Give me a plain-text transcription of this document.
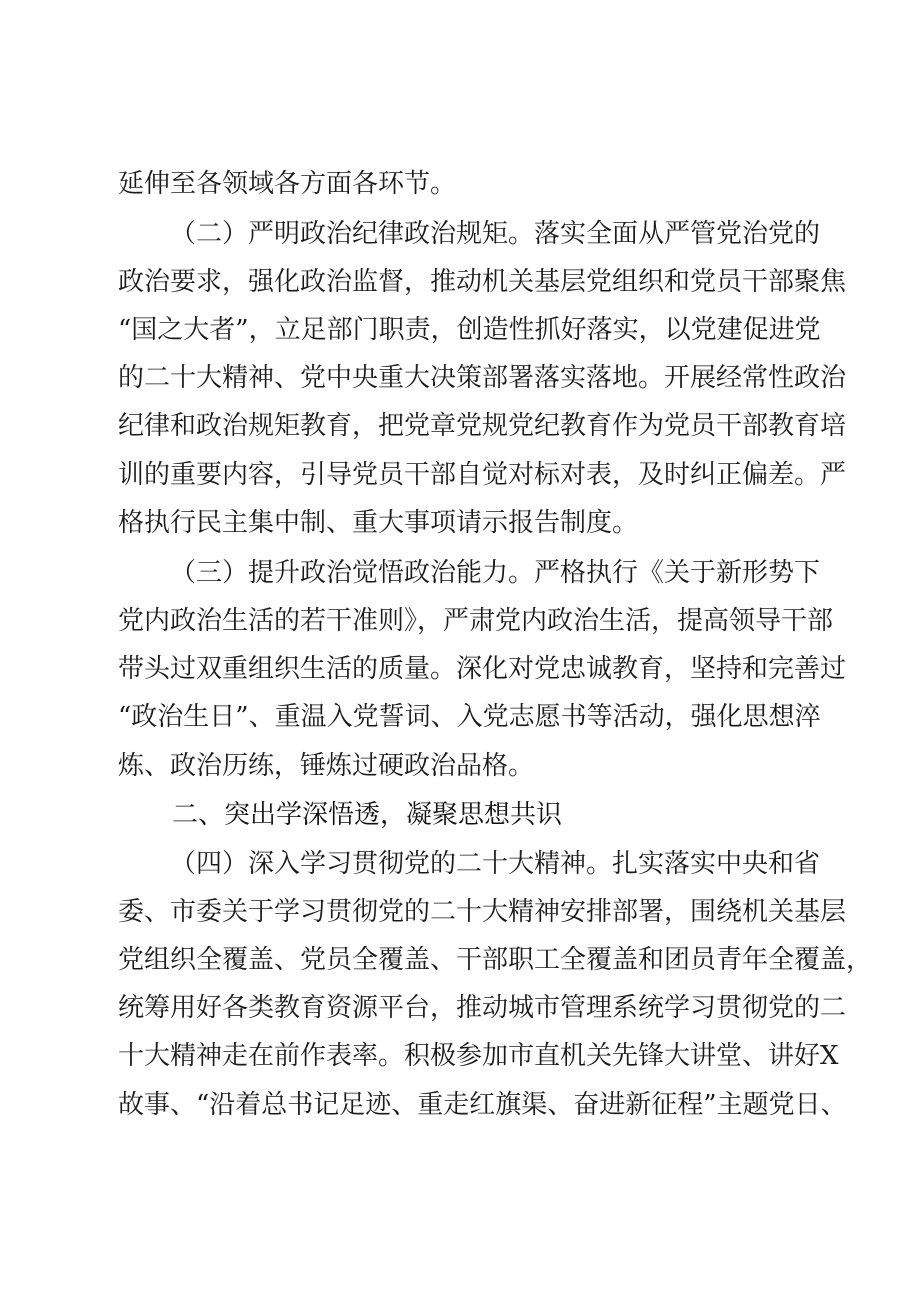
延伸至各领域各方面各环节。
（二）严明政治纪律政治规矩。落实全面从严管党治党的
政治要求，强化政治监督，推动机关基层党组织和党员干部聚焦
“国之大者”，立足部门职责，创造性抓好落实，以党建促进党
的二十大精神、党中央重大决策部署落实落地。开展经常性政治
纪律和政治规矩教育，把党章党规党纪教育作为党员干部教育培
训的重要内容，引导党员干部自觉对标对表，及时纠正偏差。严
格执行民主集中制、重大事项请示报告制度。
（三）提升政治觉悟政治能力。严格执行《关于新形势下
党内政治生活的若干准则》，严肃党内政治生活，提高领导干部
带头过双重组织生活的质量。深化对党忠诚教育，坚持和完善过
“政治生日”、重温入党誓词、入党志愿书等活动，强化思想淬
炼、政治历练，锤炼过硬政治品格。
二、突出学深悟透，凝聚思想共识
（四）深入学习贯彻党的二十大精神。扎实落实中央和省
委、市委关于学习贯彻党的二十大精神安排部署，围绕机关基层
党组织全覆盖、党员全覆盖、干部职工全覆盖和团员青年全覆盖，
统筹用好各类教育资源平台，推动城市管理系统学习贯彻党的二
十大精神走在前作表率。积极参加市直机关先锋大讲堂、讲好X
故事、“沿着总书记足迹、重走红旗渠、奋进新征程”主题党日、
